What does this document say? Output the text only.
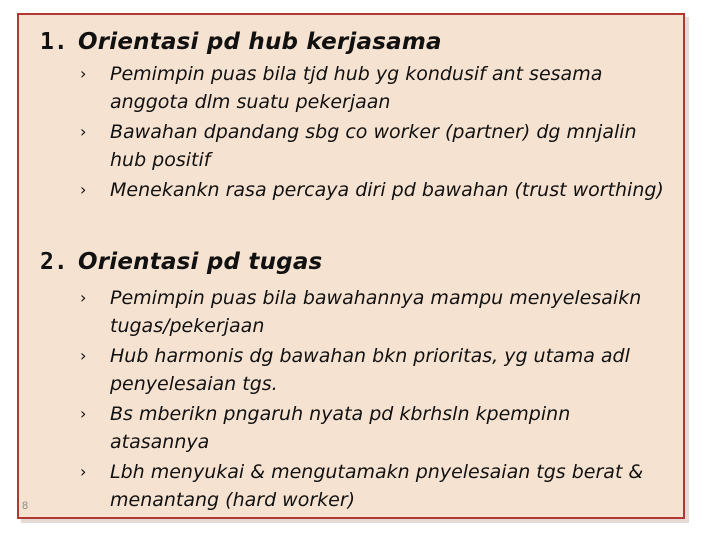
1. Orientasi pd hub kerjasama
›	Pemimpin puas bila tjd hub yg kondusif ant sesama anggota dlm suatu pekerjaan
›	Bawahan dpandang sbg co worker (partner) dg mnjalin hub positif
›	Menekankn rasa percaya diri pd bawahan (trust worthing)
2. Orientasi pd tugas
›	Pemimpin puas bila bawahannya mampu menyelesaikn tugas/pekerjaan
›	Hub harmonis dg bawahan bkn prioritas, yg utama adl penyelesaian tgs.
›	Bs mberikn pngaruh nyata pd kbrhsln kpempinn atasannya
›	Lbh menyukai & mengutamakn pnyelesaian tgs berat & menantang (hard worker)
8
